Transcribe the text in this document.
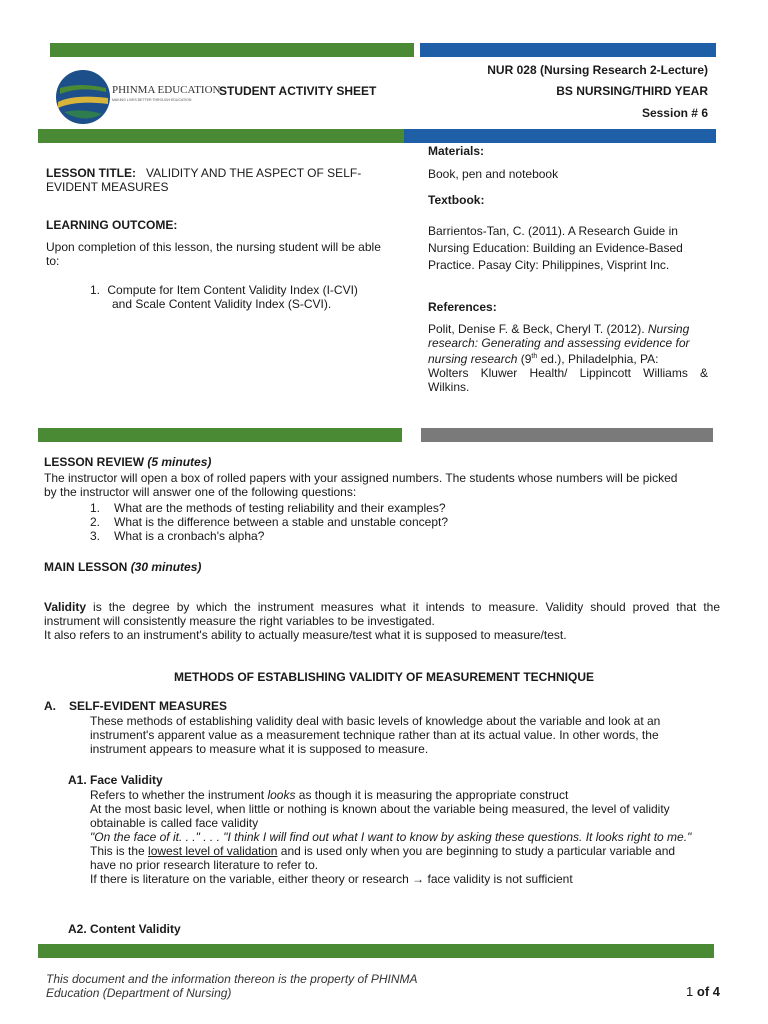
PHINMA EDUCATION
MAKING LIVES BETTER THROUGH EDUCATION
STUDENT ACTIVITY SHEET
NUR 028 (Nursing Research 2-Lecture)
BS NURSING/THIRD YEAR
Session # 6
LESSON TITLE: VALIDITY AND THE ASPECT OF SELF-
EVIDENT MEASURES
LEARNING OUTCOME:
Upon completion of this lesson, the nursing student will be able
to:
1. Compute for Item Content Validity Index (I-CVI)
and Scale Content Validity Index (S-CVI).
Materials:
Book, pen and notebook
Textbook:
Barrientos-Tan, C. (2011). A Research Guide in
Nursing Education: Building an Evidence-Based
Practice. Pasay City: Philippines, Visprint Inc.
References:
Polit, Denise F. & Beck, Cheryl T. (2012). Nursing
research: Generating and assessing evidence for
nursing research (9th ed.), Philadelphia, PA:
Wolters Kluwer Health/ Lippincott Williams &
Wilkins.
LESSON REVIEW (5 minutes)
The instructor will open a box of rolled papers with your assigned numbers. The students whose numbers will be picked
by the instructor will answer one of the following questions:
1. What are the methods of testing reliability and their examples?
2. What is the difference between a stable and unstable concept?
3. What is a cronbach's alpha?
MAIN LESSON (30 minutes)
Validity is the degree by which the instrument measures what it intends to measure. Validity should proved that the
instrument will consistently measure the right variables to be investigated.
It also refers to an instrument's ability to actually measure/test what it is supposed to measure/test.
METHODS OF ESTABLISHING VALIDITY OF MEASUREMENT TECHNIQUE
A. SELF-EVIDENT MEASURES
These methods of establishing validity deal with basic levels of knowledge about the variable and look at an
instrument's apparent value as a measurement technique rather than at its actual value. In other words, the
instrument appears to measure what it is supposed to measure.
A1. Face Validity
Refers to whether the instrument looks as though it is measuring the appropriate construct
At the most basic level, when little or nothing is known about the variable being measured, the level of validity
obtainable is called face validity
"On the face of it. . ." . . . "I think I will find out what I want to know by asking these questions. It looks right to me."
This is the lowest level of validation and is used only when you are beginning to study a particular variable and
have no prior research literature to refer to.
If there is literature on the variable, either theory or research → face validity is not sufficient
A2. Content Validity
This document and the information thereon is the property of PHINMA
Education (Department of Nursing)	1 of 4
